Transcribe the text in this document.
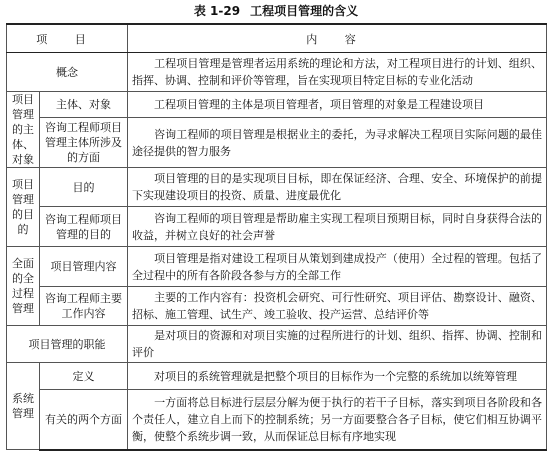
表 1-29 工程项目管理的含义
项 目		内 容
概念		工程项目管理是管理者运用系统的理论和方法，对工程项目进行的计划、组织、指挥、协调、控制和评价等管理，旨在实现项目特定目标的专业化活动
项目管理的主体、对象	主体、对象	工程项目管理的主体是项目管理者，项目管理的对象是工程建设项目
	咨询工程师项目管理主体所涉及的方面	咨询工程师的项目管理是根据业主的委托，为寻求解决工程项目实际问题的最佳途径提供的智力服务
项目管理的目的	目的	项目管理的目的是实现项目目标，即在保证经济、合理、安全、环境保护的前提下实现建设项目的投资、质量、进度最优化
	咨询工程师项目管理的目的	咨询工程师的项目管理是帮助雇主实现工程项目预期目标，同时自身获得合法的收益，并树立良好的社会声誉
全面的全过程管理	项目管理内容	项目管理是指对建设工程项目从策划到建成投产（使用）全过程的管理。包括了全过程中的所有各阶段各参与方的全部工作
	咨询工程师主要工作内容	主要的工作内容有：投资机会研究、可行性研究、项目评估、勘察设计、融资、招标、施工管理、试生产、竣工验收、投产运营、总结评价等
项目管理的职能		是对项目的资源和对项目实施的过程所进行的计划、组织、指挥、协调、控制和评价
系统管理	定义	对项目的系统管理就是把整个项目的目标作为一个完整的系统加以统筹管理
	有关的两个方面	一方面将总目标进行层层分解为便于执行的若干子目标，落实到项目各阶段和各个责任人，建立自上而下的控制系统；另一方面要整合各子目标，使它们相互协调平衡，使整个系统步调一致，从而保证总目标有序地实现
